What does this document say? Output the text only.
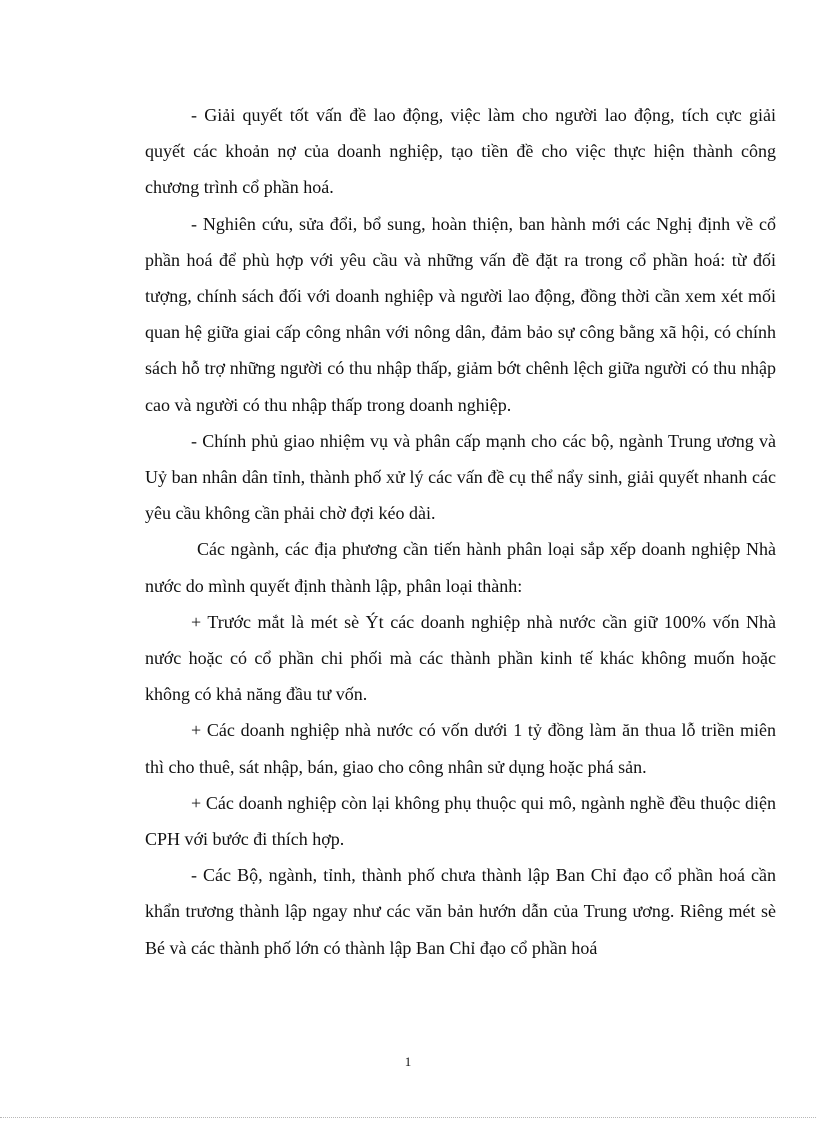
- Giải quyết tốt vấn đề lao động, việc làm cho người lao động, tích cực giải quyết các khoản nợ của doanh nghiệp, tạo tiền đề cho việc thực hiện thành công chương trình cổ phần hoá.

- Nghiên cứu, sửa đổi, bổ sung, hoàn thiện, ban hành mới các Nghị định về cổ phần hoá để phù hợp với yêu cầu và những vấn đề đặt ra trong cổ phần hoá: từ đối tượng, chính sách đối với doanh nghiệp và người lao động, đồng thời cần xem xét mối quan hệ giữa giai cấp công nhân với nông dân, đảm bảo sự công bằng xã hội, có chính sách hỗ trợ những người có thu nhập thấp, giảm bớt chênh lệch giữa người có thu nhập cao và người có thu nhập thấp trong doanh nghiệp.

- Chính phủ giao nhiệm vụ và phân cấp mạnh cho các bộ, ngành Trung ương và Uỷ ban nhân dân tỉnh, thành phố xử lý các vấn đề cụ thể nẩy sinh, giải quyết nhanh các yêu cầu không cần phải chờ đợi kéo dài.

Các ngành, các địa phương cần tiến hành phân loại sắp xếp doanh nghiệp Nhà nước do mình quyết định thành lập, phân loại thành:

+ Trước mắt là mét sè Ýt các doanh nghiệp nhà nước cần giữ 100% vốn Nhà nước hoặc có cổ phần chi phối mà các thành phần kinh tế khác không muốn hoặc không có khả năng đầu tư vốn.

+ Các doanh nghiệp nhà nước có vốn dưới 1 tỷ đồng làm ăn thua lỗ triền miên thì cho thuê, sát nhập, bán, giao cho công nhân sử dụng hoặc phá sản.

+ Các doanh nghiệp còn lại không phụ thuộc qui mô, ngành nghề đều thuộc diện CPH với bước đi thích hợp.

- Các Bộ, ngành, tỉnh, thành phố chưa thành lập Ban Chỉ đạo cổ phần hoá cần khẩn trương thành lập ngay như các văn bản hướn dẫn của Trung ương. Riêng mét sè Bé và các thành phố lớn có thành lập Ban Chỉ đạo cổ phần hoá

1
